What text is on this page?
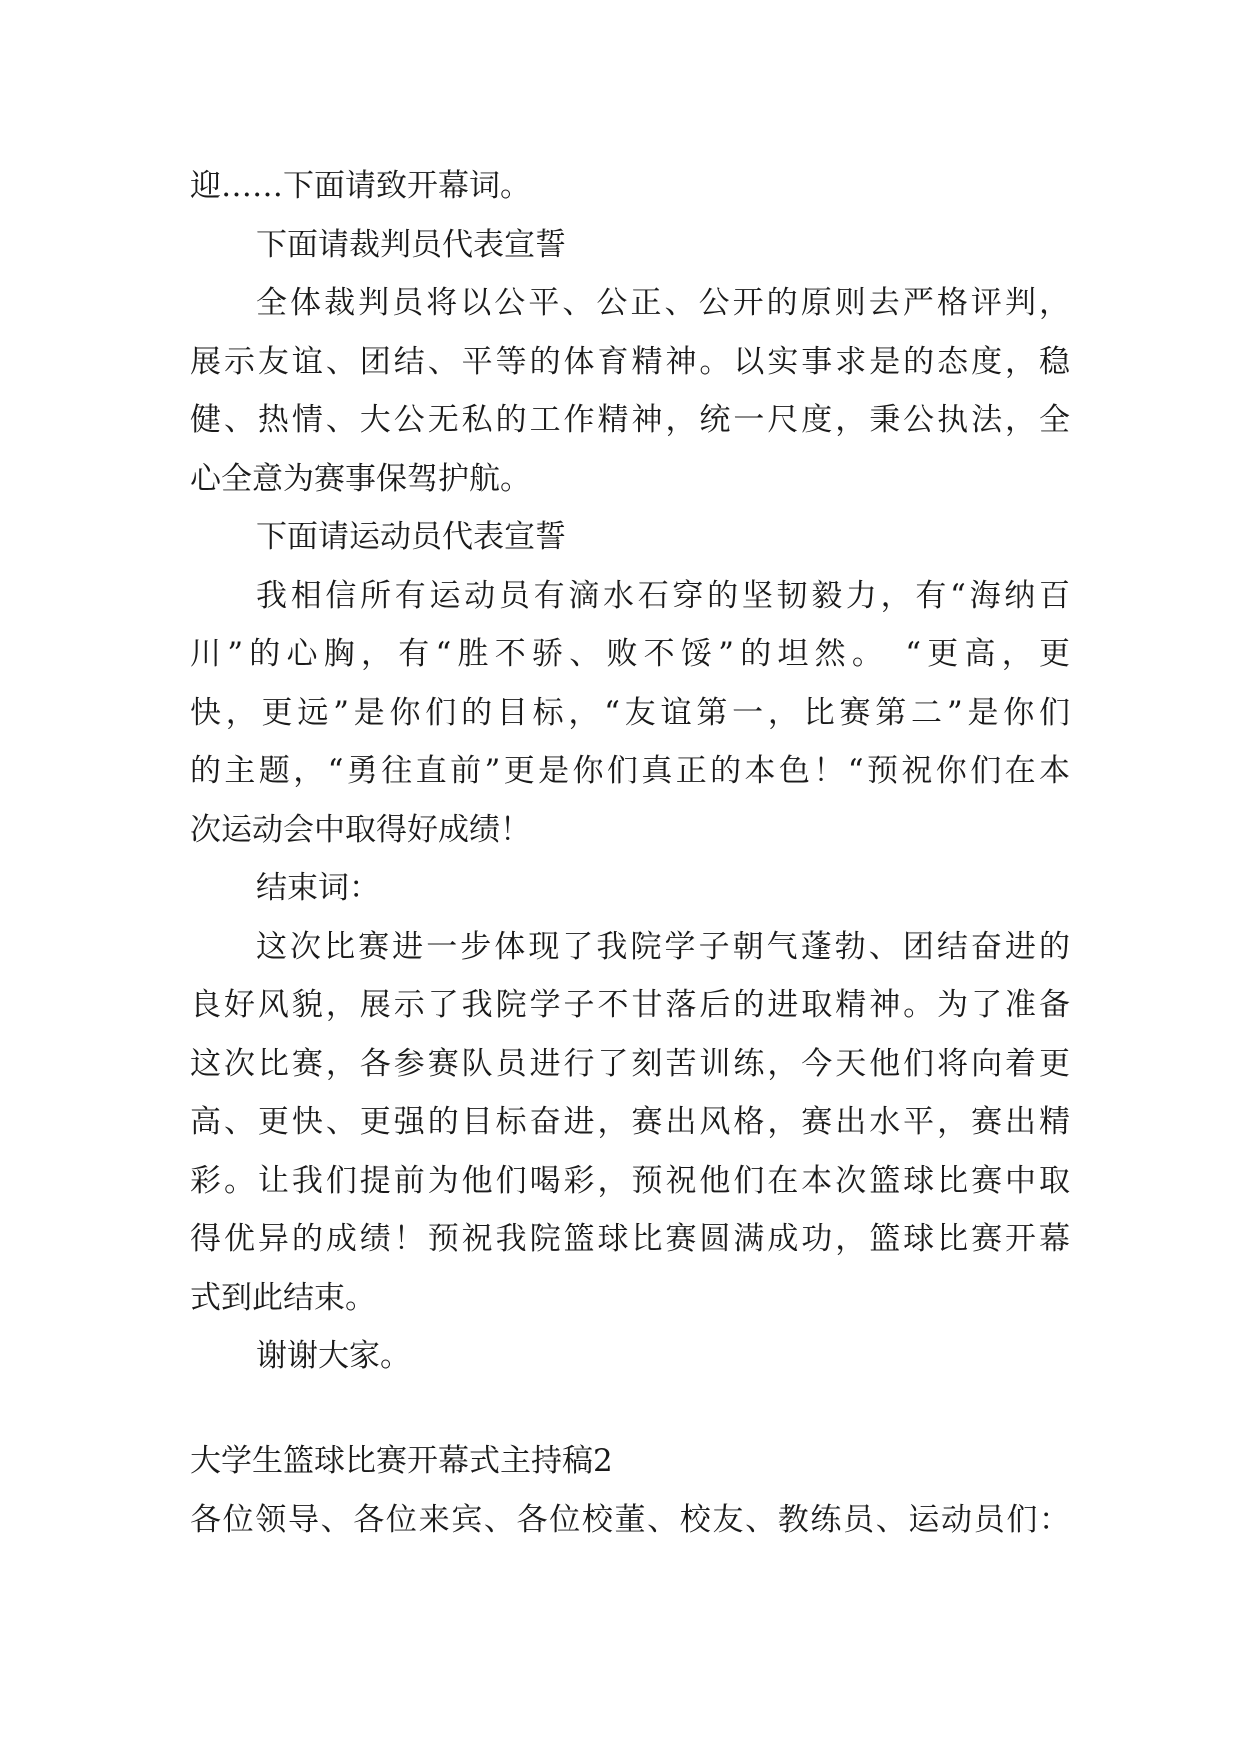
迎……下面请致开幕词。
下面请裁判员代表宣誓
全体裁判员将以公平、公正、公开的原则去严格评判，
展示友谊、团结、平等的体育精神。以实事求是的态度，稳
健、热情、大公无私的工作精神，统一尺度，秉公执法，全
心全意为赛事保驾护航。
下面请运动员代表宣誓
我相信所有运动员有滴水石穿的坚韧毅力，有“海纳百
川”的心胸，有“胜不骄、败不馁”的坦然。 “更高，更
快，更远”是你们的目标，“友谊第一，比赛第二”是你们
的主题，“勇往直前”更是你们真正的本色！“预祝你们在本
次运动会中取得好成绩！
结束词：
这次比赛进一步体现了我院学子朝气蓬勃、团结奋进的
良好风貌，展示了我院学子不甘落后的进取精神。为了准备
这次比赛，各参赛队员进行了刻苦训练，今天他们将向着更
高、更快、更强的目标奋进，赛出风格，赛出水平，赛出精
彩。让我们提前为他们喝彩，预祝他们在本次篮球比赛中取
得优异的成绩！预祝我院篮球比赛圆满成功，篮球比赛开幕
式到此结束。
谢谢大家。
大学生篮球比赛开幕式主持稿2
各位领导、各位来宾、各位校董、校友、教练员、运动员们：
